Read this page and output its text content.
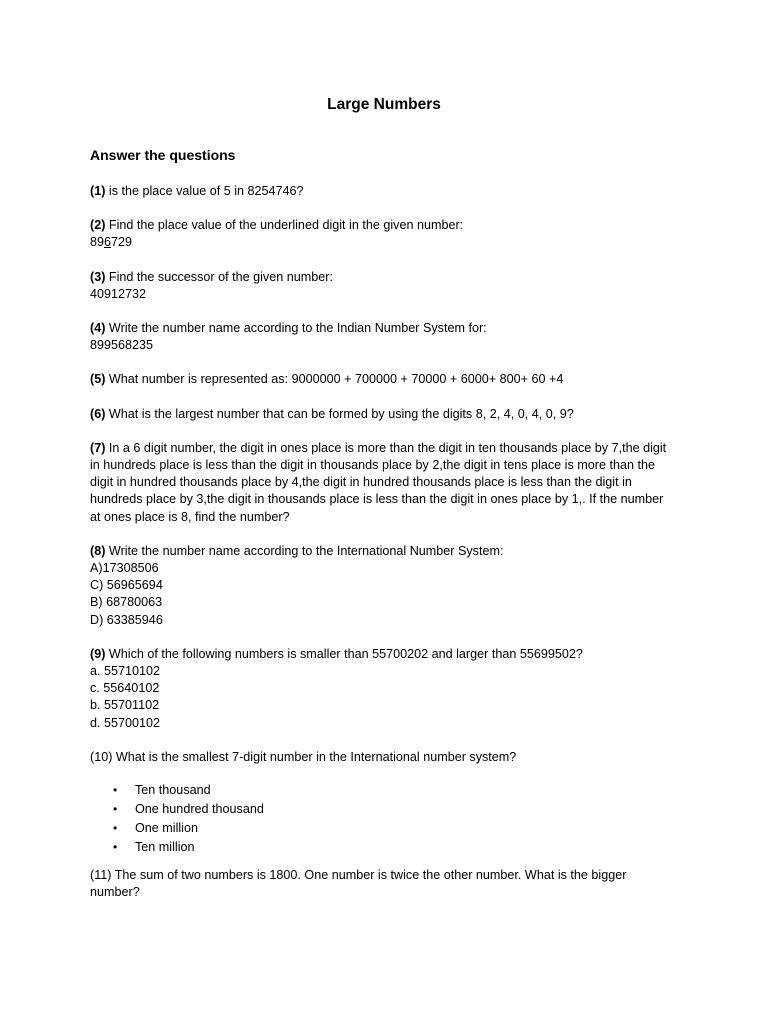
Large Numbers
Answer the questions

(1) is the place value of 5 in 8254746?

(2) Find the place value of the underlined digit in the given number:
896729

(3) Find the successor of the given number:
40912732

(4) Write the number name according to the Indian Number System for:
899568235

(5) What number is represented as: 9000000 + 700000 + 70000 + 6000+ 800+ 60 +4

(6) What is the largest number that can be formed by using the digits 8, 2, 4, 0, 4, 0, 9?

(7) In a 6 digit number, the digit in ones place is more than the digit in ten thousands place by 7,the digit
in hundreds place is less than the digit in thousands place by 2,the digit in tens place is more than the
digit in hundred thousands place by 4,the digit in hundred thousands place is less than the digit in
hundreds place by 3,the digit in thousands place is less than the digit in ones place by 1,. If the number
at ones place is 8, find the number?

(8) Write the number name according to the International Number System:
A)17308506
C) 56965694
B) 68780063
D) 63385946

(9) Which of the following numbers is smaller than 55700202 and larger than 55699502?
a. 55710102
c. 55640102
b. 55701102
d. 55700102

(10) What is the smallest 7-digit number in the International number system?

• Ten thousand
• One hundred thousand
• One million
• Ten million

(11) The sum of two numbers is 1800. One number is twice the other number. What is the bigger
number?
